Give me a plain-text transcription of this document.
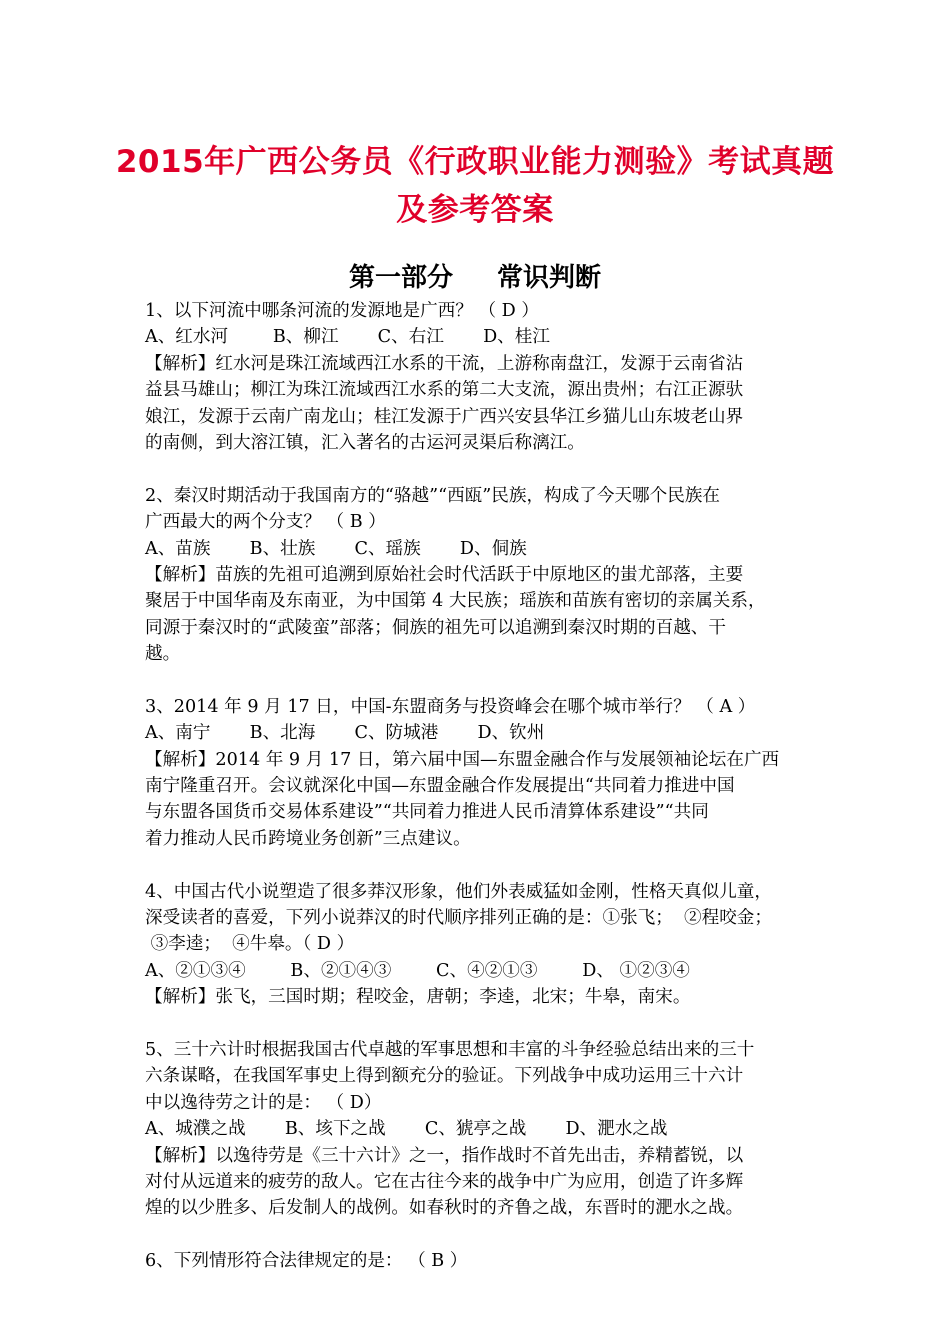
2015年广西公务员《行政职业能力测验》考试真题
及参考答案
第一部分 常识判断
1、以下河流中哪条河流的发源地是广西？ （ D ）
A、红水河        B、柳江       C、右江       D、桂江
【解析】红水河是珠江流域西江水系的干流，上游称南盘江，发源于云南省沾
益县马雄山；柳江为珠江流域西江水系的第二大支流，源出贵州；右江正源驮
娘江，发源于云南广南龙山；桂江发源于广西兴安县华江乡猫儿山东坡老山界
的南侧，到大溶江镇，汇入著名的古运河灵渠后称漓江。
2、秦汉时期活动于我国南方的“骆越”“西瓯”民族，构成了今天哪个民族在
广西最大的两个分支？ （ B ）
A、苗族       B、壮族       C、瑶族       D、侗族
【解析】苗族的先祖可追溯到原始社会时代活跃于中原地区的蚩尤部落，主要
聚居于中国华南及东南亚，为中国第 4 大民族；瑶族和苗族有密切的亲属关系，
同源于秦汉时的“武陵蛮”部落；侗族的祖先可以追溯到秦汉时期的百越、干
越。
3、2014 年 9 月 17 日，中国-东盟商务与投资峰会在哪个城市举行？ （ A ）
A、南宁       B、北海       C、防城港       D、钦州
【解析】2014 年 9 月 17 日，第六届中国—东盟金融合作与发展领袖论坛在广西
南宁隆重召开。会议就深化中国—东盟金融合作发展提出“共同着力推进中国
与东盟各国货币交易体系建设”“共同着力推进人民币清算体系建设”“共同
着力推动人民币跨境业务创新”三点建议。
4、中国古代小说塑造了很多莽汉形象，他们外表威猛如金刚，性格天真似儿童，
深受读者的喜爱，下列小说莽汉的时代顺序排列正确的是：①张飞；  ②程咬金；
③李逵；  ④牛皋。（ D ）
A、②①③④        B、②①④③        C、④②①③        D、 ①②③④
【解析】张飞，三国时期；程咬金，唐朝；李逵，北宋；牛皋，南宋。
5、三十六计时根据我国古代卓越的军事思想和丰富的斗争经验总结出来的三十
六条谋略，在我国军事史上得到额充分的验证。下列战争中成功运用三十六计
中以逸待劳之计的是： （ D）
A、城濮之战       B、垓下之战       C、猇亭之战       D、淝水之战
【解析】以逸待劳是《三十六计》之一，指作战时不首先出击，养精蓄锐，以
对付从远道来的疲劳的敌人。它在古往今来的战争中广为应用，创造了许多辉
煌的以少胜多、后发制人的战例。如春秋时的齐鲁之战，东晋时的淝水之战。
6、下列情形符合法律规定的是： （ B ）
